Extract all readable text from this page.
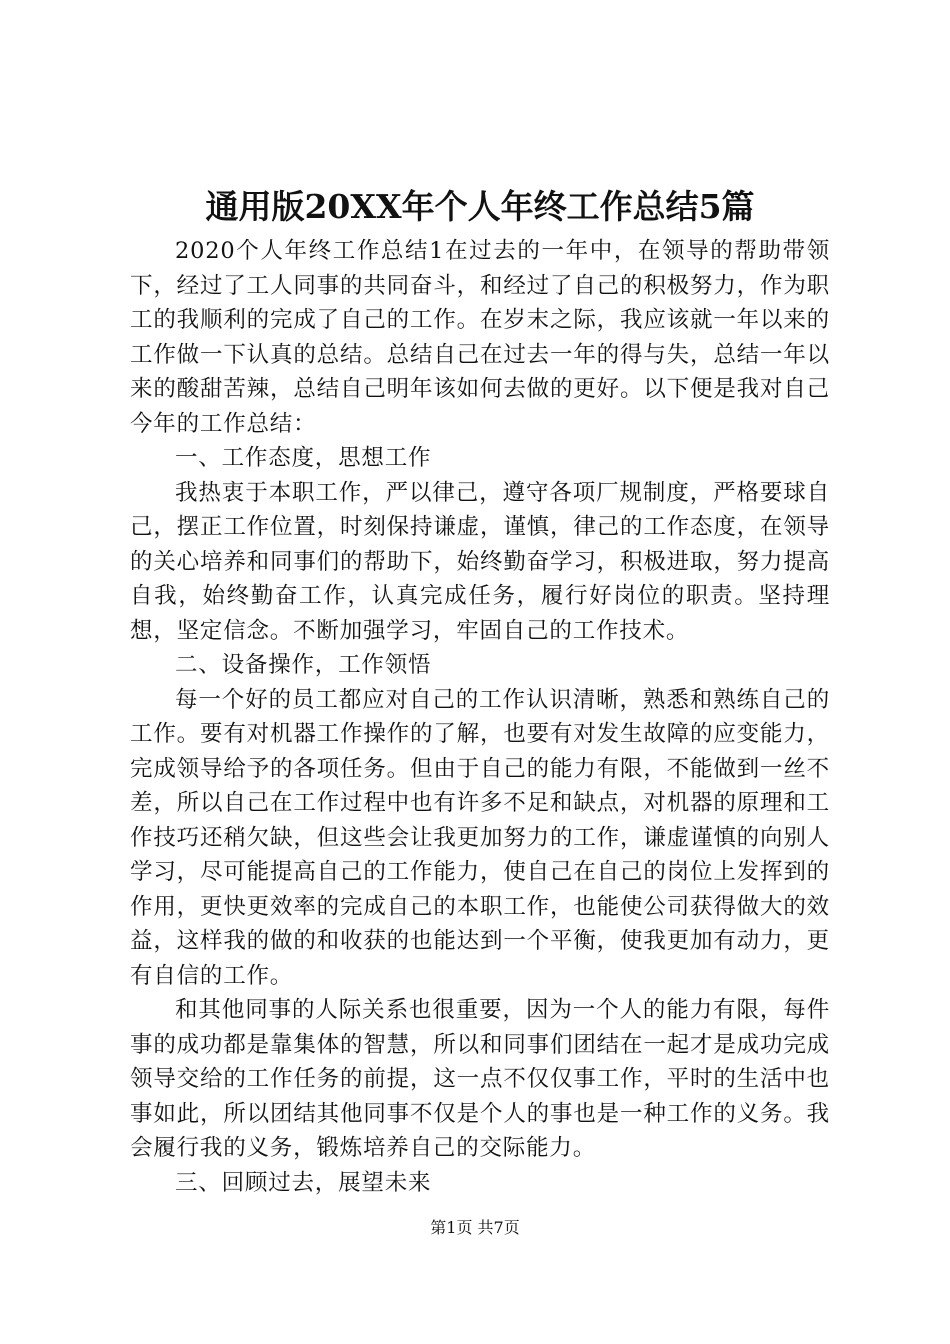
通用版20XX年个人年终工作总结5篇

2020个人年终工作总结1在过去的一年中，在领导的帮助带领下，经过了工人同事的共同奋斗，和经过了自己的积极努力，作为职工的我顺利的完成了自己的工作。在岁末之际，我应该就一年以来的工作做一下认真的总结。总结自己在过去一年的得与失，总结一年以来的酸甜苦辣，总结自己明年该如何去做的更好。以下便是我对自己今年的工作总结：

一、工作态度，思想工作

我热衷于本职工作，严以律己，遵守各项厂规制度，严格要球自己，摆正工作位置，时刻保持谦虚，谨慎，律己的工作态度，在领导的关心培养和同事们的帮助下，始终勤奋学习，积极进取，努力提高自我，始终勤奋工作，认真完成任务，履行好岗位的职责。坚持理想，坚定信念。不断加强学习，牢固自己的工作技术。

二、设备操作，工作领悟

每一个好的员工都应对自己的工作认识清晰，熟悉和熟练自己的工作。要有对机器工作操作的了解，也要有对发生故障的应变能力，完成领导给予的各项任务。但由于自己的能力有限，不能做到一丝不差，所以自己在工作过程中也有许多不足和缺点，对机器的原理和工作技巧还稍欠缺，但这些会让我更加努力的工作，谦虚谨慎的向别人学习，尽可能提高自己的工作能力，使自己在自己的岗位上发挥到的作用，更快更效率的完成自己的本职工作，也能使公司获得做大的效益，这样我的做的和收获的也能达到一个平衡，使我更加有动力，更有自信的工作。

和其他同事的人际关系也很重要，因为一个人的能力有限，每件事的成功都是靠集体的智慧，所以和同事们团结在一起才是成功完成领导交给的工作任务的前提，这一点不仅仅事工作，平时的生活中也事如此，所以团结其他同事不仅是个人的事也是一种工作的义务。我会履行我的义务，锻炼培养自己的交际能力。

三、回顾过去，展望未来

第1页 共7页
